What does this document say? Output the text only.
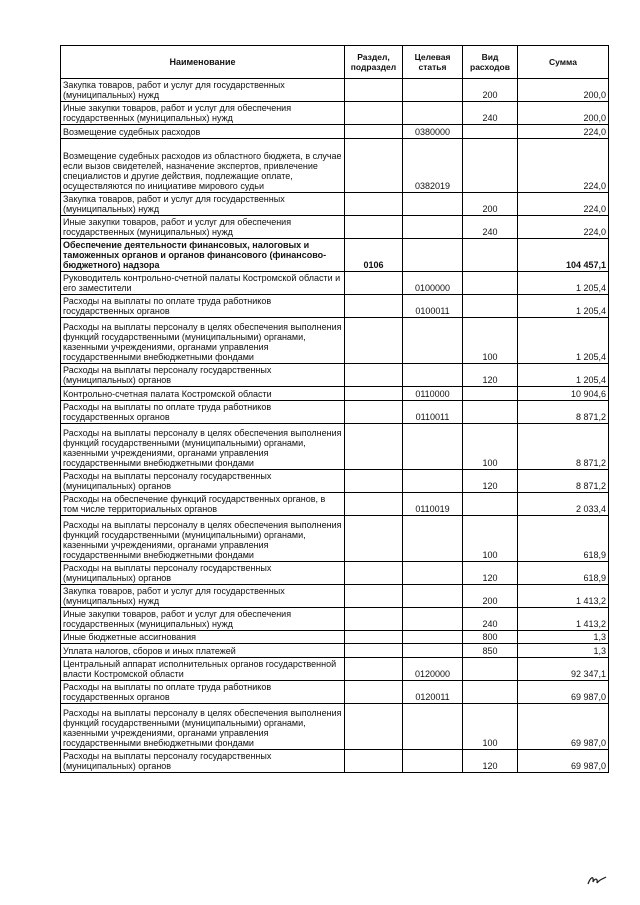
Наименование	Раздел, подраздел	Целевая статья	Вид расходов	Сумма
Закупка товаров, работ и услуг для государственных (муниципальных) нужд			200	200,0
Иные закупки товаров, работ и услуг для обеспечения государственных (муниципальных) нужд			240	200,0
Возмещение судебных расходов		0380000		224,0
Возмещение судебных расходов из областного бюджета, в случае если вызов свидетелей, назначение экспертов, привлечение специалистов и другие действия, подлежащие оплате, осуществляются по инициативе мирового судьи		0382019		224,0
Закупка товаров, работ и услуг для государственных (муниципальных) нужд			200	224,0
Иные закупки товаров, работ и услуг для обеспечения государственных (муниципальных) нужд			240	224,0
Обеспечение деятельности финансовых, налоговых и таможенных органов и органов финансового (финансово-бюджетного) надзора	0106			104 457,1
Руководитель контрольно-счетной палаты Костромской области и его заместители		0100000		1 205,4
Расходы на выплаты по оплате труда работников государственных органов		0100011		1 205,4
Расходы на выплаты персоналу в целях обеспечения выполнения функций государственными (муниципальными) органами, казенными учреждениями, органами управления государственными внебюджетными фондами			100	1 205,4
Расходы на выплаты персоналу государственных (муниципальных) органов			120	1 205,4
Контрольно-счетная палата Костромской области		0110000		10 904,6
Расходы на выплаты по оплате труда работников государственных органов		0110011		8 871,2
Расходы на выплаты персоналу в целях обеспечения выполнения функций государственными (муниципальными) органами, казенными учреждениями, органами управления государственными внебюджетными фондами			100	8 871,2
Расходы на выплаты персоналу государственных (муниципальных) органов			120	8 871,2
Расходы на обеспечение функций государственных органов, в том числе территориальных органов		0110019		2 033,4
Расходы на выплаты персоналу в целях обеспечения выполнения функций государственными (муниципальными) органами, казенными учреждениями, органами управления государственными внебюджетными фондами			100	618,9
Расходы на выплаты персоналу государственных (муниципальных) органов			120	618,9
Закупка товаров, работ и услуг для государственных (муниципальных) нужд			200	1 413,2
Иные закупки товаров, работ и услуг для обеспечения государственных (муниципальных) нужд			240	1 413,2
Иные бюджетные ассигнования			800	1,3
Уплата налогов, сборов и иных платежей			850	1,3
Центральный аппарат исполнительных органов государственной власти Костромской области		0120000		92 347,1
Расходы на выплаты по оплате труда работников государственных органов		0120011		69 987,0
Расходы на выплаты персоналу в целях обеспечения выполнения функций государственными (муниципальными) органами, казенными учреждениями, органами управления государственными внебюджетными фондами			100	69 987,0
Расходы на выплаты персоналу государственных (муниципальных) органов			120	69 987,0
